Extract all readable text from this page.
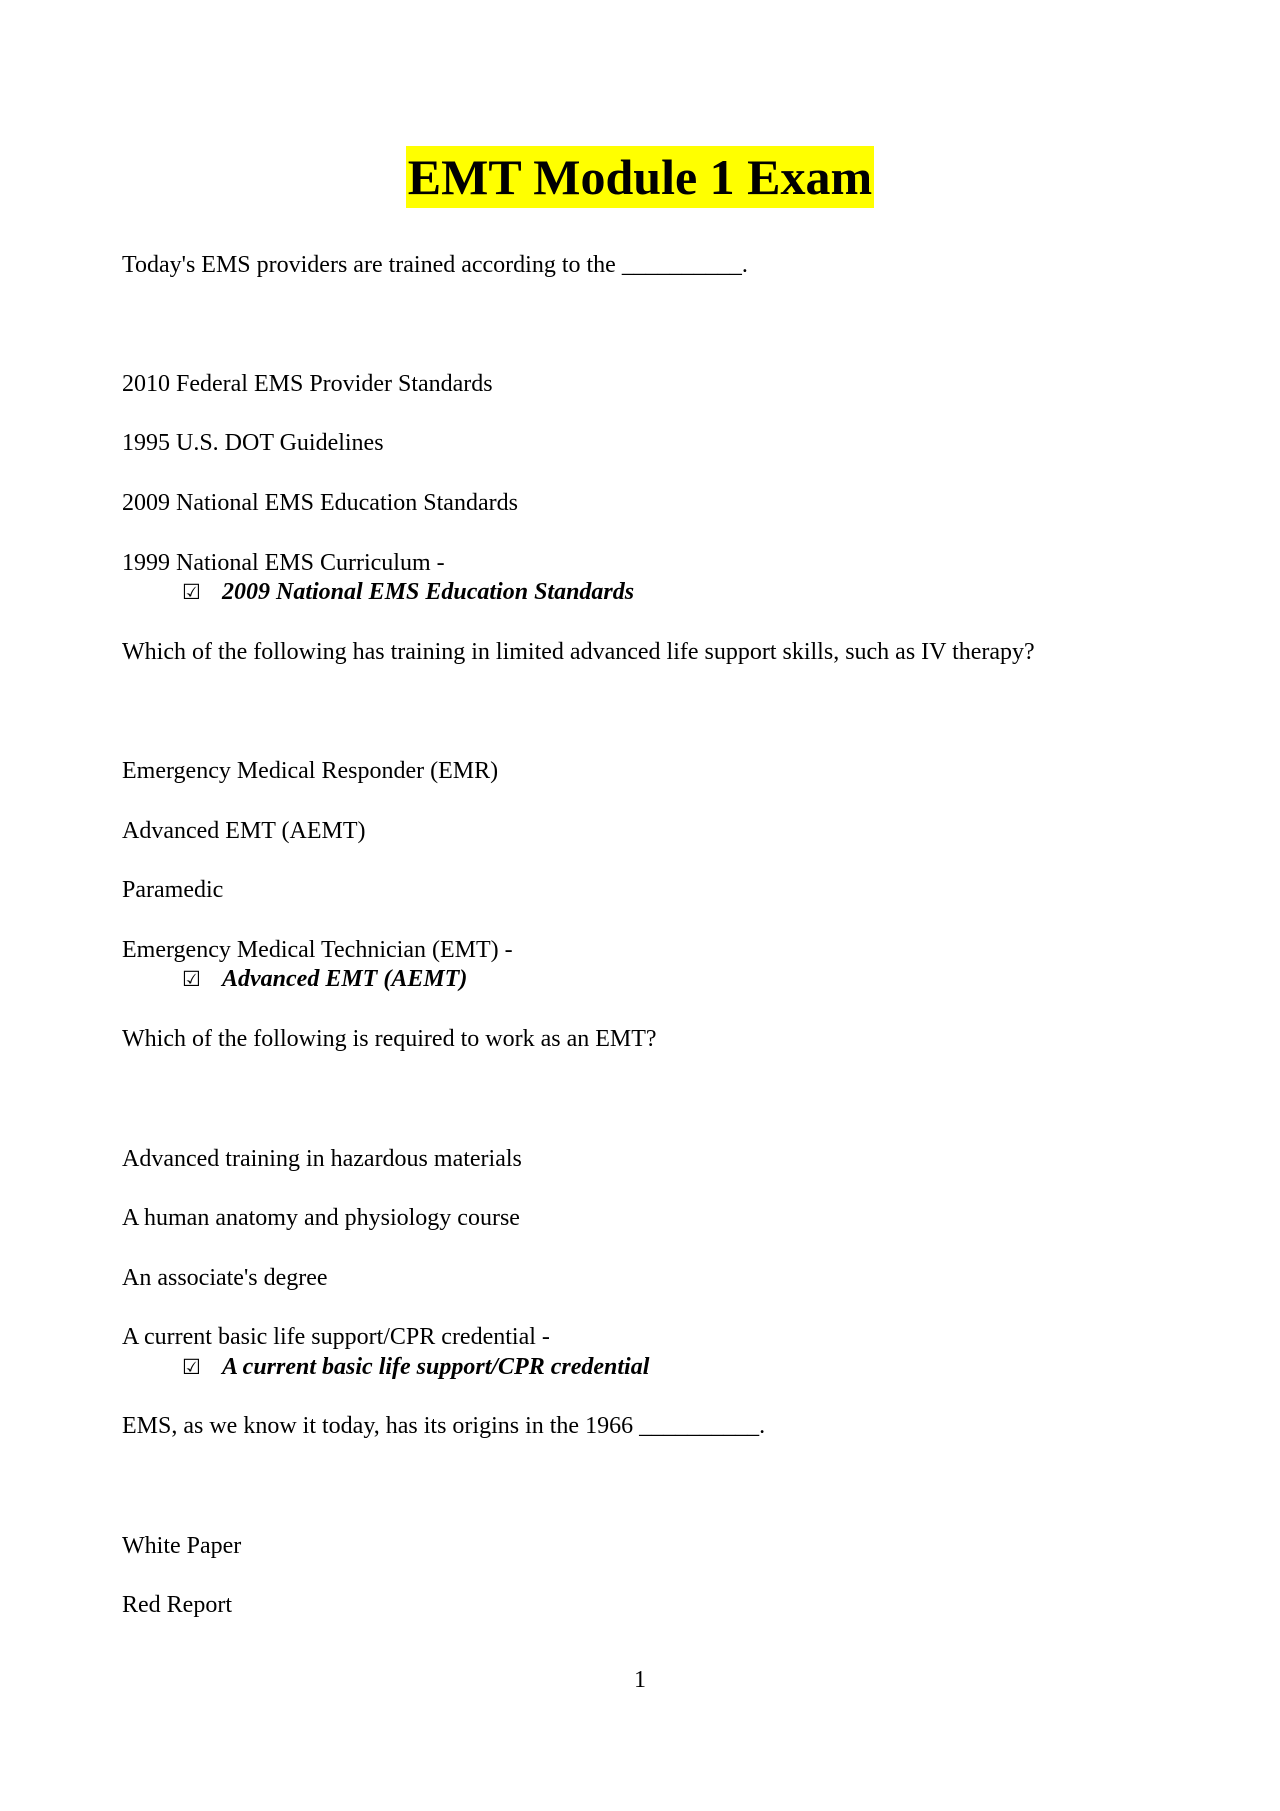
EMT Module 1 Exam
Today's EMS providers are trained according to the __________.
2010 Federal EMS Provider Standards
1995 U.S. DOT Guidelines
2009 National EMS Education Standards
1999 National EMS Curriculum -
☑ 2009 National EMS Education Standards
Which of the following has training in limited advanced life support skills, such as IV therapy?
Emergency Medical Responder (EMR)
Advanced EMT (AEMT)
Paramedic
Emergency Medical Technician (EMT) -
☑ Advanced EMT (AEMT)
Which of the following is required to work as an EMT?
Advanced training in hazardous materials
A human anatomy and physiology course
An associate's degree
A current basic life support/CPR credential -
☑ A current basic life support/CPR credential
EMS, as we know it today, has its origins in the 1966 __________.
White Paper
Red Report
1
